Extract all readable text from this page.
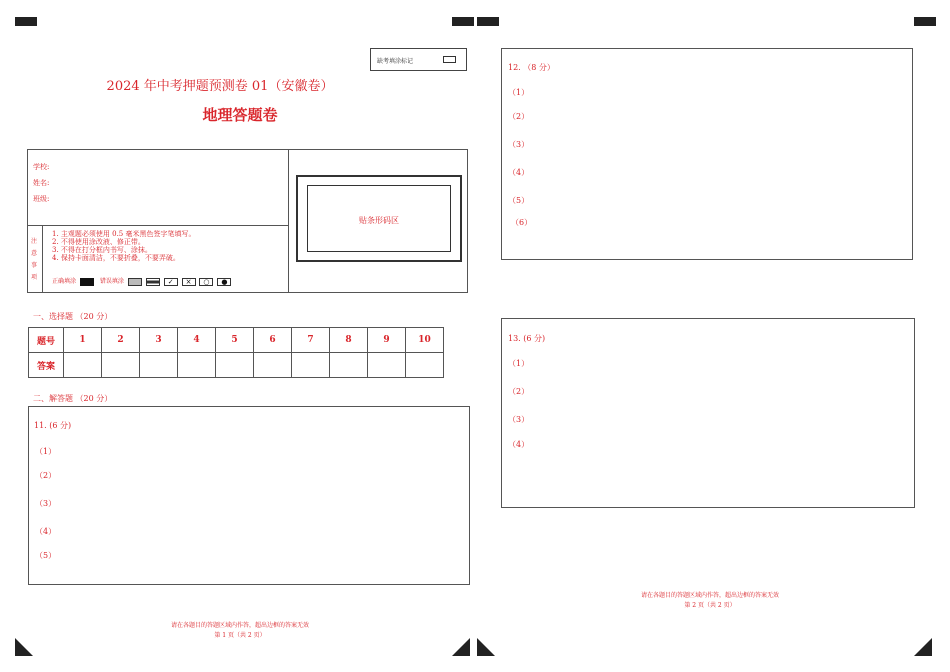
缺考填涂标记
2024 年中考押题预测卷 01（安徽卷）
地理答题卷
学校:
姓名:
班级:
注
意
事
项
1. 主观题必须使用 0.5 毫米黑色签字笔填写。
2. 不得使用涂改液、修正带。
3. 不得在打分框内书写、涂抹。
4. 保持卡面清洁，不要折叠，不要弄破。
正确填涂	错误填涂	✓ × ○ ●
贴条形码区
一、选择题 （20 分）
题号	1	2	3	4	5	6	7	8	9	10
答案										
二、解答题 （20 分）
11. (6 分)
（1）
（2）
（3）
（4）
（5）
请在各题目的答题区域内作答，超出边框的答案无效
第 1 页（共 2 页）
12. （8 分）
（1）
（2）
（3）
（4）
（5）
（6）
13. (6 分)
（1）
（2）
（3）
（4）
请在各题目的答题区域内作答，超出边框的答案无效
第 2 页（共 2 页）
